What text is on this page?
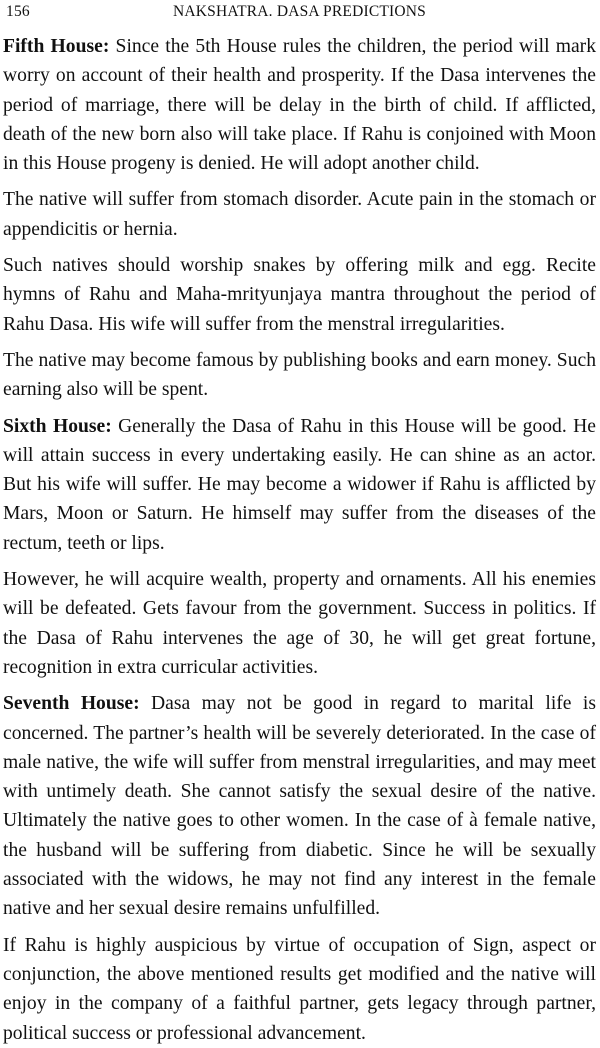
156	NAKSHATRA. DASA PREDICTIONS

Fifth House: Since the 5th House rules the children, the period will mark worry on account of their health and prosperity. If the Dasa intervenes the period of marriage, there will be delay in the birth of child. If afflicted, death of the new born also will take place. If Rahu is conjoined with Moon in this House progeny is denied. He will adopt another child.

The native will suffer from stomach disorder. Acute pain in the stomach or appendicitis or hernia.

Such natives should worship snakes by offering milk and egg. Recite hymns of Rahu and Maha-mrityunjaya mantra throughout the period of Rahu Dasa. His wife will suffer from the menstral irregularities.

The native may become famous by publishing books and earn money. Such earning also will be spent.

Sixth House: Generally the Dasa of Rahu in this House will be good. He will attain success in every undertaking easily. He can shine as an actor. But his wife will suffer. He may become a widower if Rahu is afflicted by Mars, Moon or Saturn. He himself may suffer from the diseases of the rectum, teeth or lips.

However, he will acquire wealth, property and ornaments. All his enemies will be defeated. Gets favour from the government. Success in politics. If the Dasa of Rahu intervenes the age of 30, he will get great fortune, recognition in extra curricular activities.

Seventh House: Dasa may not be good in regard to marital life is concerned. The partner’s health will be severely deteriorated. In the case of male native, the wife will suffer from menstral irregularities, and may meet with untimely death. She cannot satisfy the sexual desire of the native. Ultimately the native goes to other women. In the case of à female native, the husband will be suffering from diabetic. Since he will be sexually associated with the widows, he may not find any interest in the female native and her sexual desire remains unfulfilled.

If Rahu is highly auspicious by virtue of occupation of Sign, aspect or conjunction, the above mentioned results get modified and the native will enjoy in the company of a faithful partner, gets legacy through partner, political success or professional advancement.
